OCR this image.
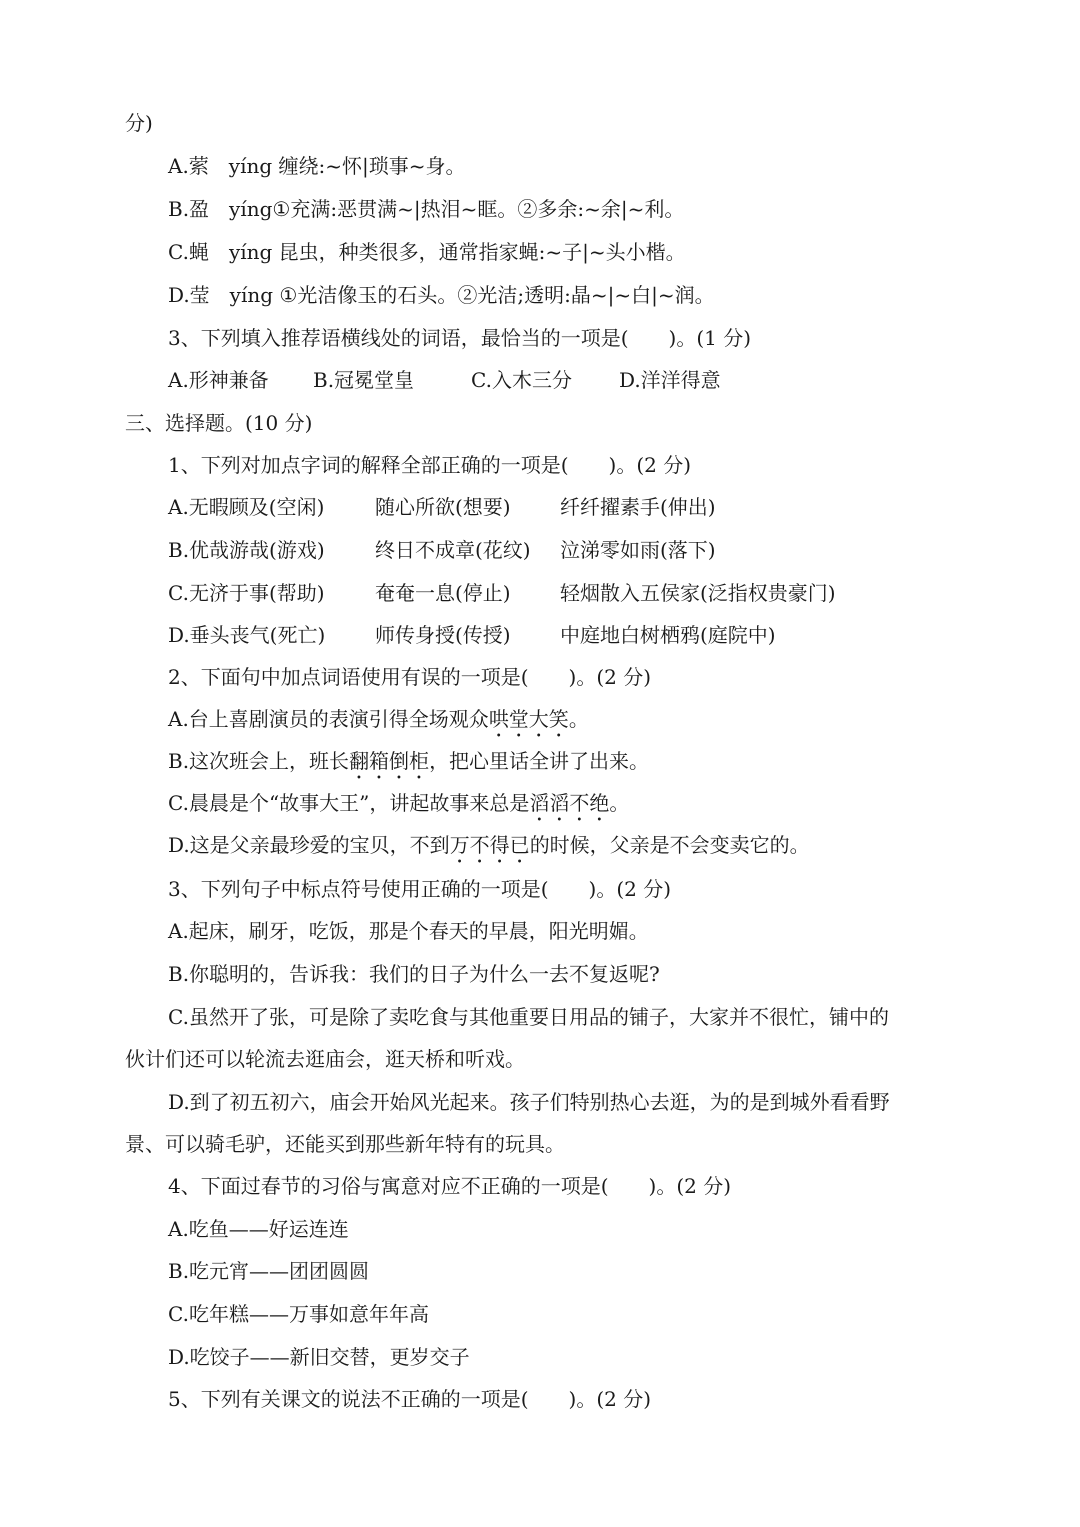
分)
A.萦　yíng 缠绕:~怀|琐事~身。
B.盈　yíng①充满:恶贯满~|热泪~眶。②多余:~余|~利。
C.蝇　yíng 昆虫，种类很多，通常指家蝇:~子|~头小楷。
D.莹　yíng ①光洁像玉的石头。②光洁;透明:晶~|~白|~润。
3、下列填入推荐语横线处的词语，最恰当的一项是(　　)。(1 分)
A.形神兼备 B.冠冕堂皇	C.入木三分 D.洋洋得意
三、选择题。(10 分)
1、下列对加点字词的解释全部正确的一项是(　　)。(2 分)
A.无暇顾及(空闲)	随心所欲(想要) 纤纤擢素手(伸出)
B.优哉游哉(游戏)	终日不成章(花纹) 泣涕零如雨(落下)
C.无济于事(帮助)	奄奄一息(停止) 轻烟散入五侯家(泛指权贵豪门)
D.垂头丧气(死亡) 师传身授(传授) 中庭地白树栖鸦(庭院中)
2、下面句中加点词语使用有误的一项是(　　)。(2 分)
A.台上喜剧演员的表演引得全场观众哄堂大笑。
B.这次班会上，班长翻箱倒柜，把心里话全讲了出来。
C.晨晨是个“故事大王”，讲起故事来总是滔滔不绝。
D.这是父亲最珍爱的宝贝，不到万不得已的时候，父亲是不会变卖它的。
3、下列句子中标点符号使用正确的一项是(　　)。(2 分)
A.起床，刷牙，吃饭，那是个春天的早晨，阳光明媚。
B.你聪明的，告诉我：我们的日子为什么一去不复返呢?
C.虽然开了张，可是除了卖吃食与其他重要日用品的铺子，大家并不很忙，铺中的
伙计们还可以轮流去逛庙会，逛天桥和听戏。
D.到了初五初六，庙会开始风光起来。孩子们特别热心去逛，为的是到城外看看野
景、可以骑毛驴，还能买到那些新年特有的玩具。
4、下面过春节的习俗与寓意对应不正确的一项是(　　)。(2 分)
A.吃鱼——好运连连
B.吃元宵——团团圆圆
C.吃年糕——万事如意年年高
D.吃饺子——新旧交替，更岁交子
5、下列有关课文的说法不正确的一项是(　　)。(2 分)
